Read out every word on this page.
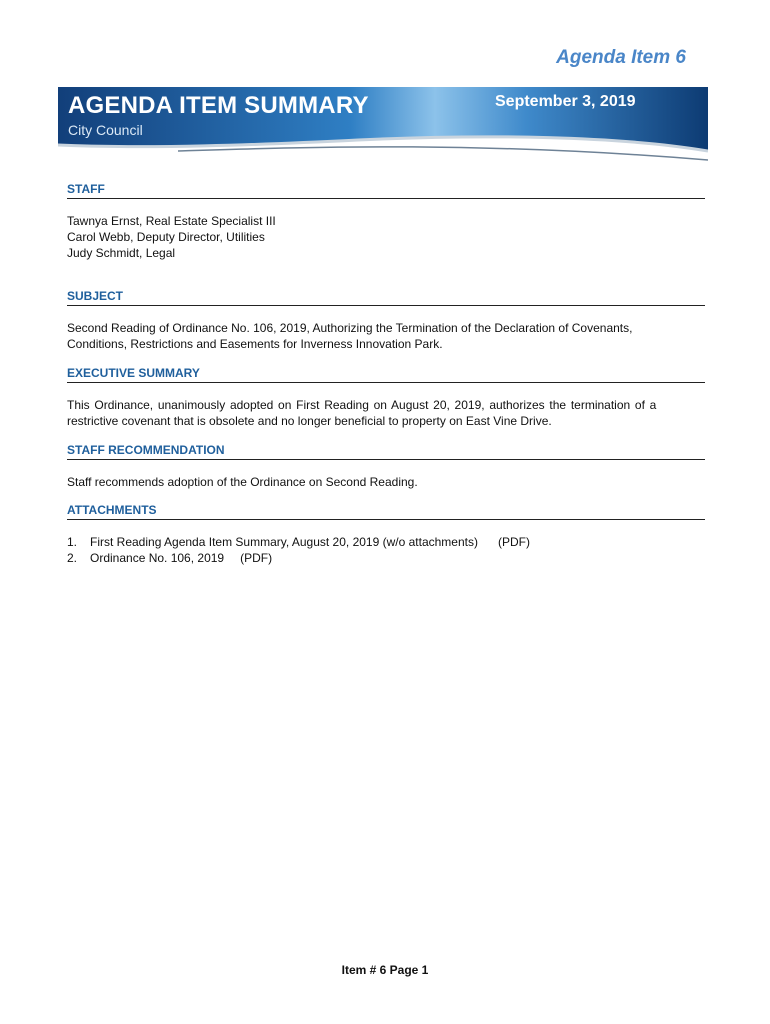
Agenda Item 6
AGENDA ITEM SUMMARY
City Council
September 3, 2019
STAFF
Tawnya Ernst, Real Estate Specialist III
Carol Webb, Deputy Director, Utilities
Judy Schmidt, Legal
SUBJECT
Second Reading of Ordinance No. 106, 2019, Authorizing the Termination of the Declaration of Covenants,
Conditions, Restrictions and Easements for Inverness Innovation Park.
EXECUTIVE SUMMARY
This Ordinance, unanimously adopted on First Reading on August 20, 2019, authorizes the termination of a
restrictive covenant that is obsolete and no longer beneficial to property on East Vine Drive.
STAFF RECOMMENDATION
Staff recommends adoption of the Ordinance on Second Reading.
ATTACHMENTS
1.	First Reading Agenda Item Summary, August 20, 2019 (w/o attachments) (PDF)
2.	Ordinance No. 106, 2019 (PDF)
Item # 6 Page 1
